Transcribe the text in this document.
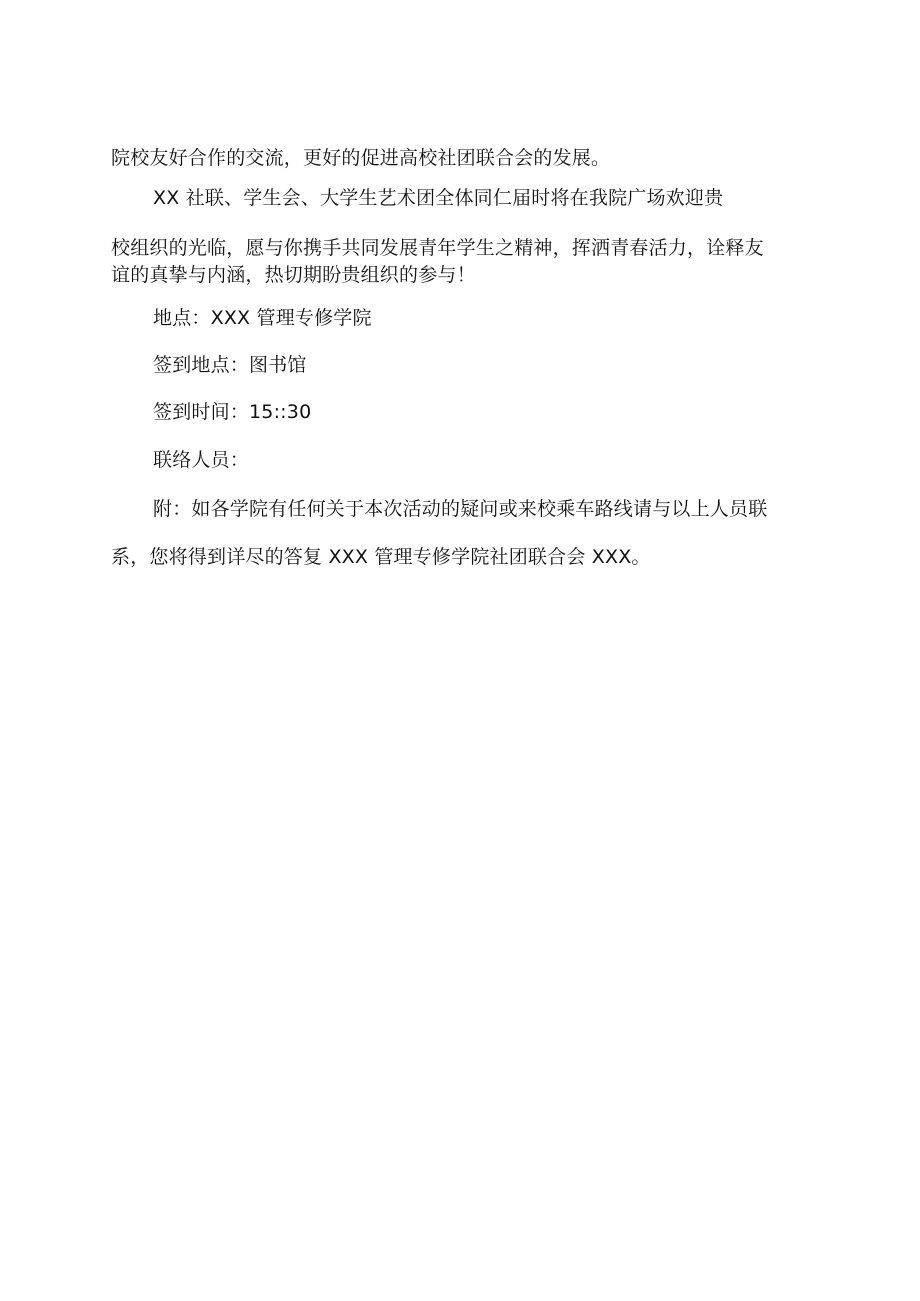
院校友好合作的交流，更好的促进高校社团联合会的发展。
XX 社联、学生会、大学生艺术团全体同仁届时将在我院广场欢迎贵
校组织的光临，愿与你携手共同发展青年学生之精神，挥洒青春活力，诠释友
谊的真挚与内涵，热切期盼贵组织的参与！
地点：XXX 管理专修学院
签到地点：图书馆
签到时间：15::30
联络人员：
附：如各学院有任何关于本次活动的疑问或来校乘车路线请与以上人员联
系，您将得到详尽的答复 XXX 管理专修学院社团联合会 XXX。
